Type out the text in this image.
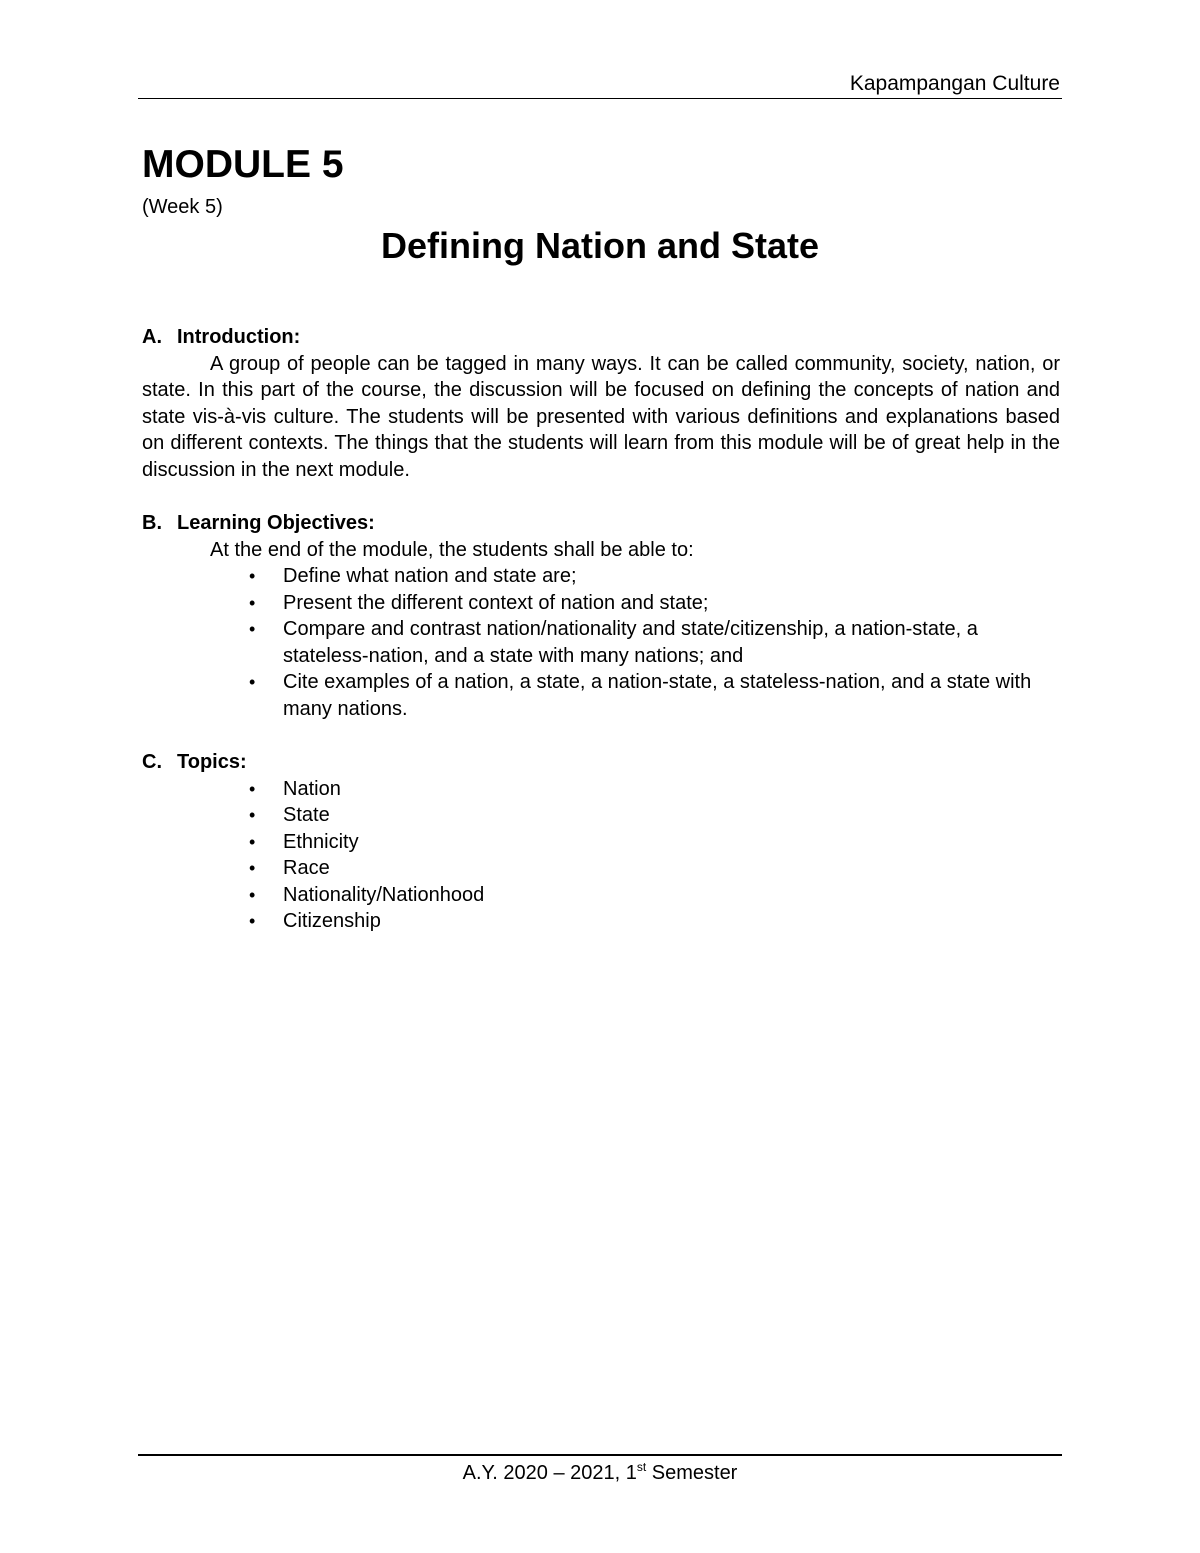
Kapampangan Culture
MODULE 5
(Week 5)
Defining Nation and State
A. Introduction:

A group of people can be tagged in many ways. It can be called community, society, nation, or state. In this part of the course, the discussion will be focused on defining the concepts of nation and state vis-à-vis culture. The students will be presented with various definitions and explanations based on different contexts. The things that the students will learn from this module will be of great help in the discussion in the next module.

B. Learning Objectives:
At the end of the module, the students shall be able to:
• Define what nation and state are;
• Present the different context of nation and state;
• Compare and contrast nation/nationality and state/citizenship, a nation-state, a stateless-nation, and a state with many nations; and
• Cite examples of a nation, a state, a nation-state, a stateless-nation, and a state with many nations.
C. Topics:
• Nation
• State
• Ethnicity
• Race
• Nationality/Nationhood
• Citizenship
A.Y. 2020 – 2021, 1st Semester
